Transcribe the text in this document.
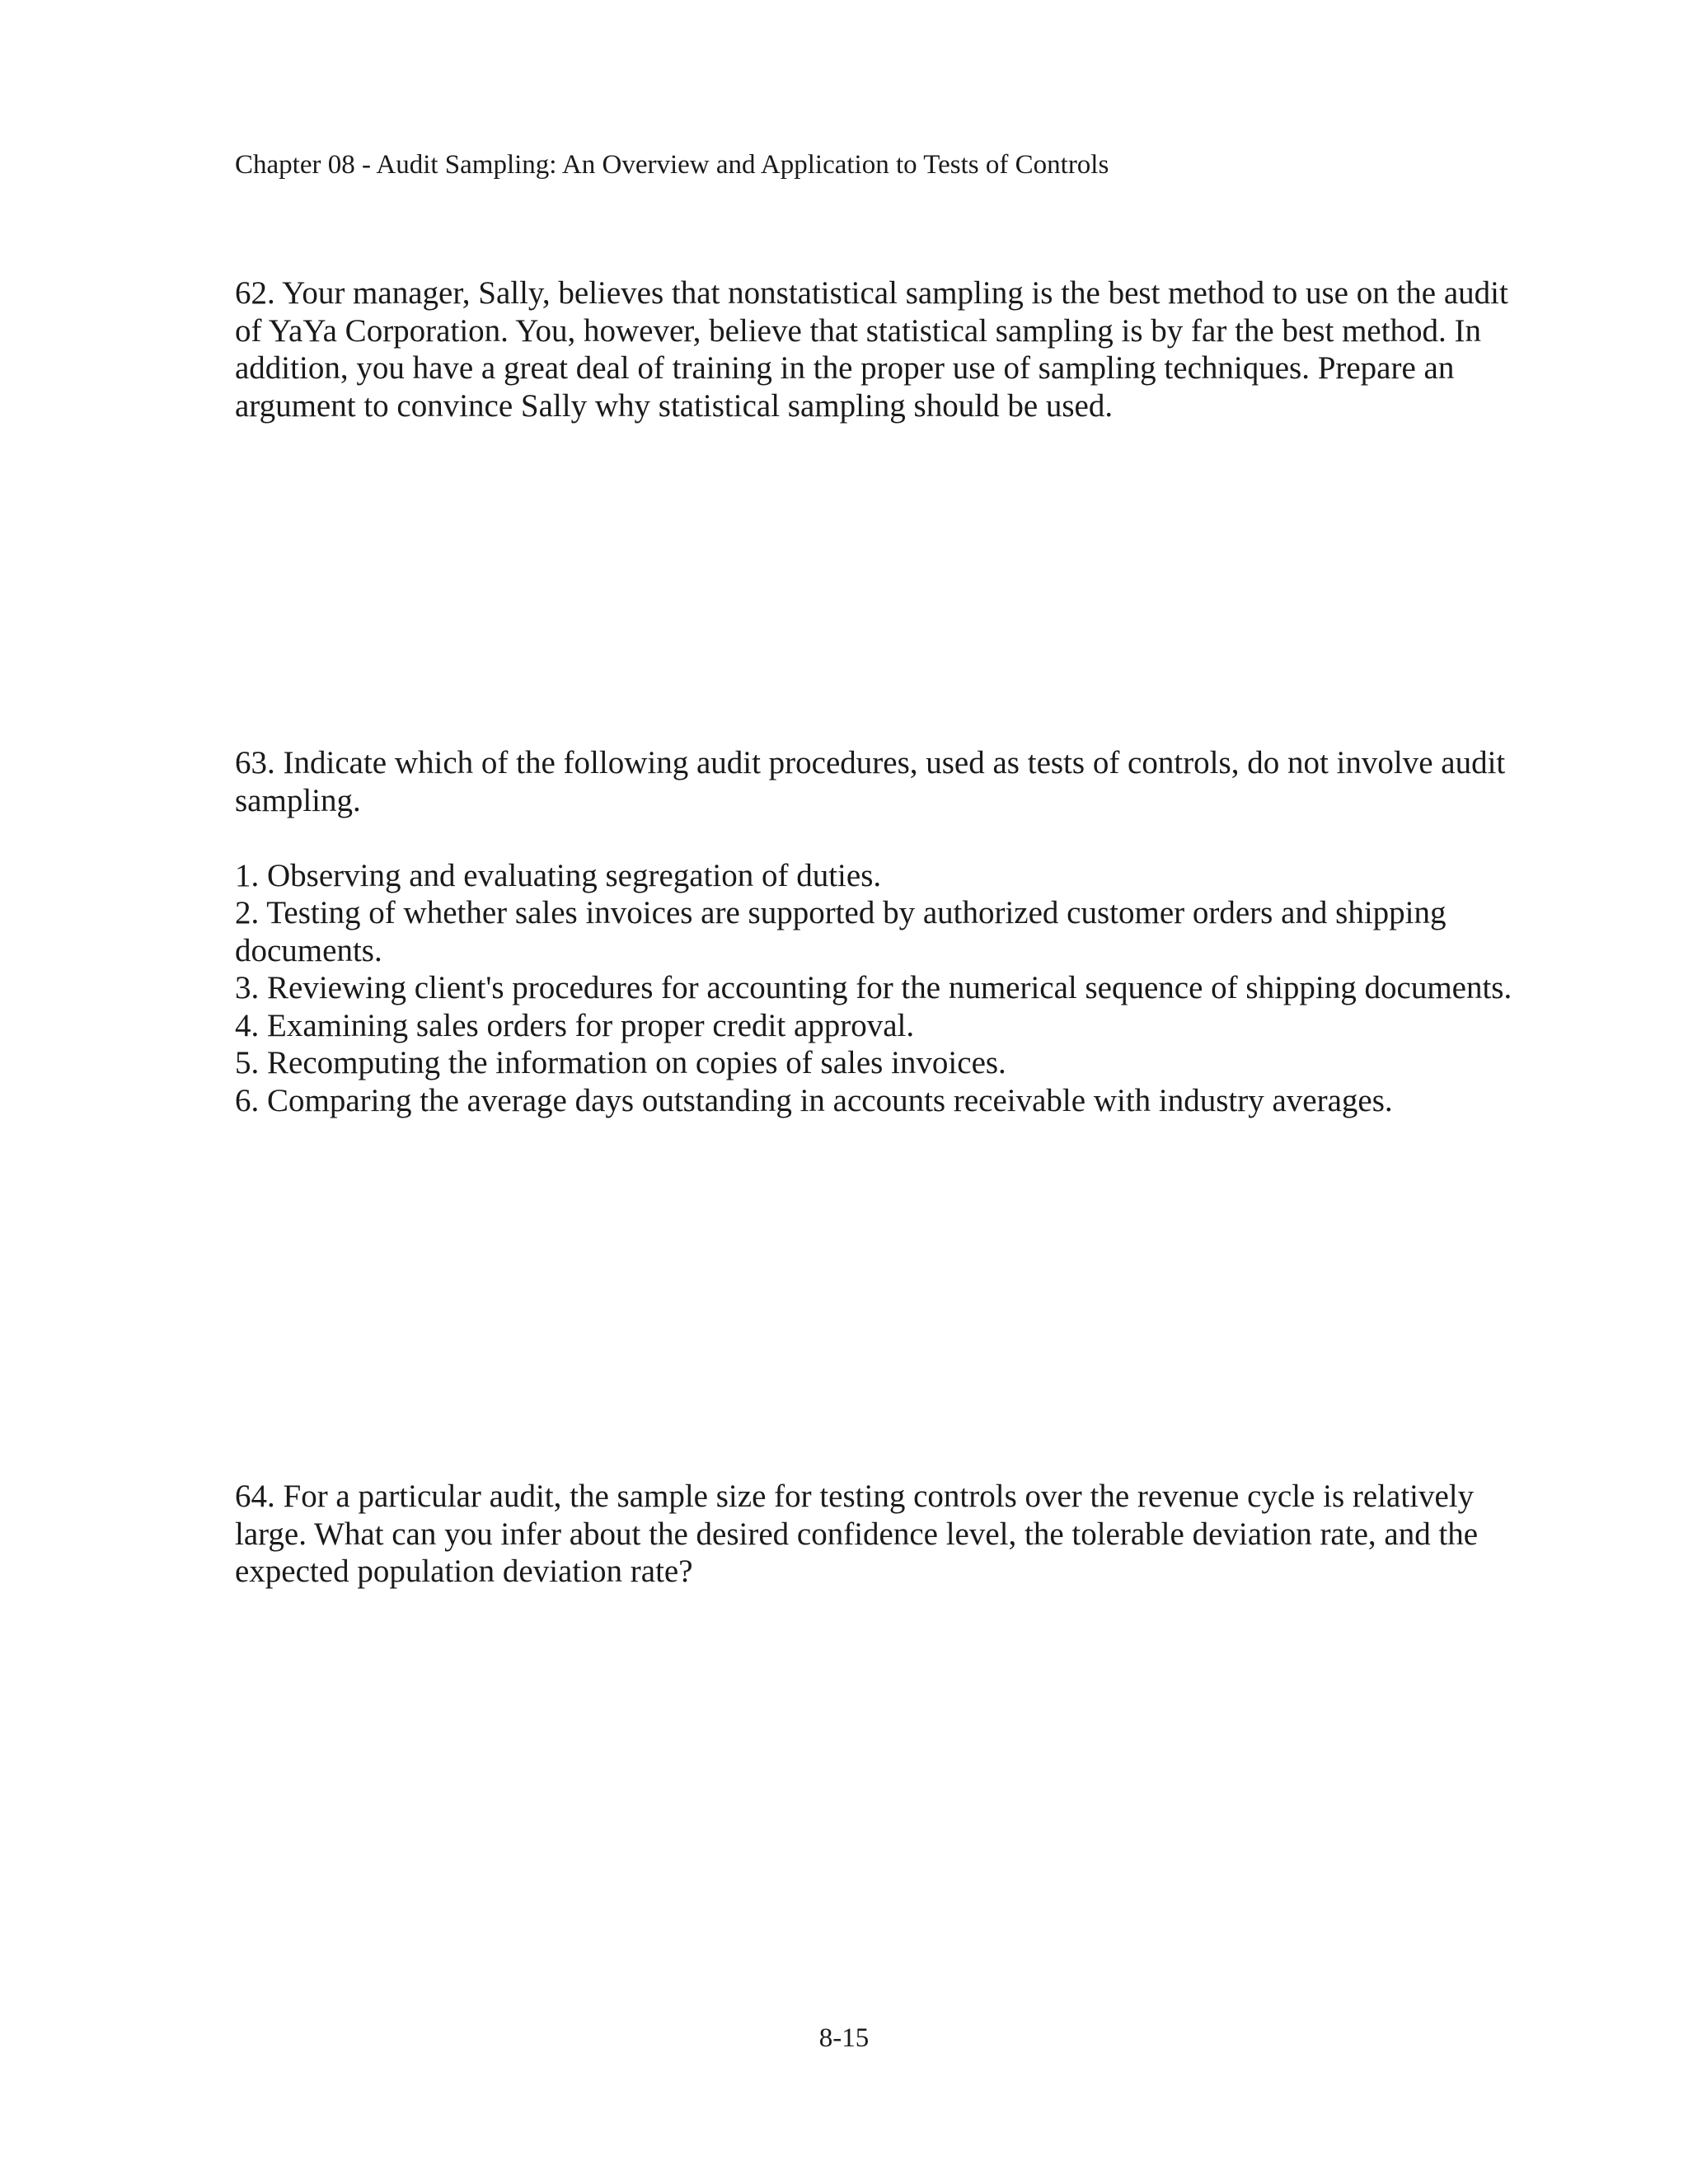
Chapter 08 - Audit Sampling: An Overview and Application to Tests of Controls

62. Your manager, Sally, believes that nonstatistical sampling is the best method to use on the audit of YaYa Corporation. You, however, believe that statistical sampling is by far the best method. In addition, you have a great deal of training in the proper use of sampling techniques. Prepare an argument to convince Sally why statistical sampling should be used.

63. Indicate which of the following audit procedures, used as tests of controls, do not involve audit sampling.

1. Observing and evaluating segregation of duties.
2. Testing of whether sales invoices are supported by authorized customer orders and shipping documents.
3. Reviewing client's procedures for accounting for the numerical sequence of shipping documents.
4. Examining sales orders for proper credit approval.
5. Recomputing the information on copies of sales invoices.
6. Comparing the average days outstanding in accounts receivable with industry averages.

64. For a particular audit, the sample size for testing controls over the revenue cycle is relatively large. What can you infer about the desired confidence level, the tolerable deviation rate, and the expected population deviation rate?

8-15
